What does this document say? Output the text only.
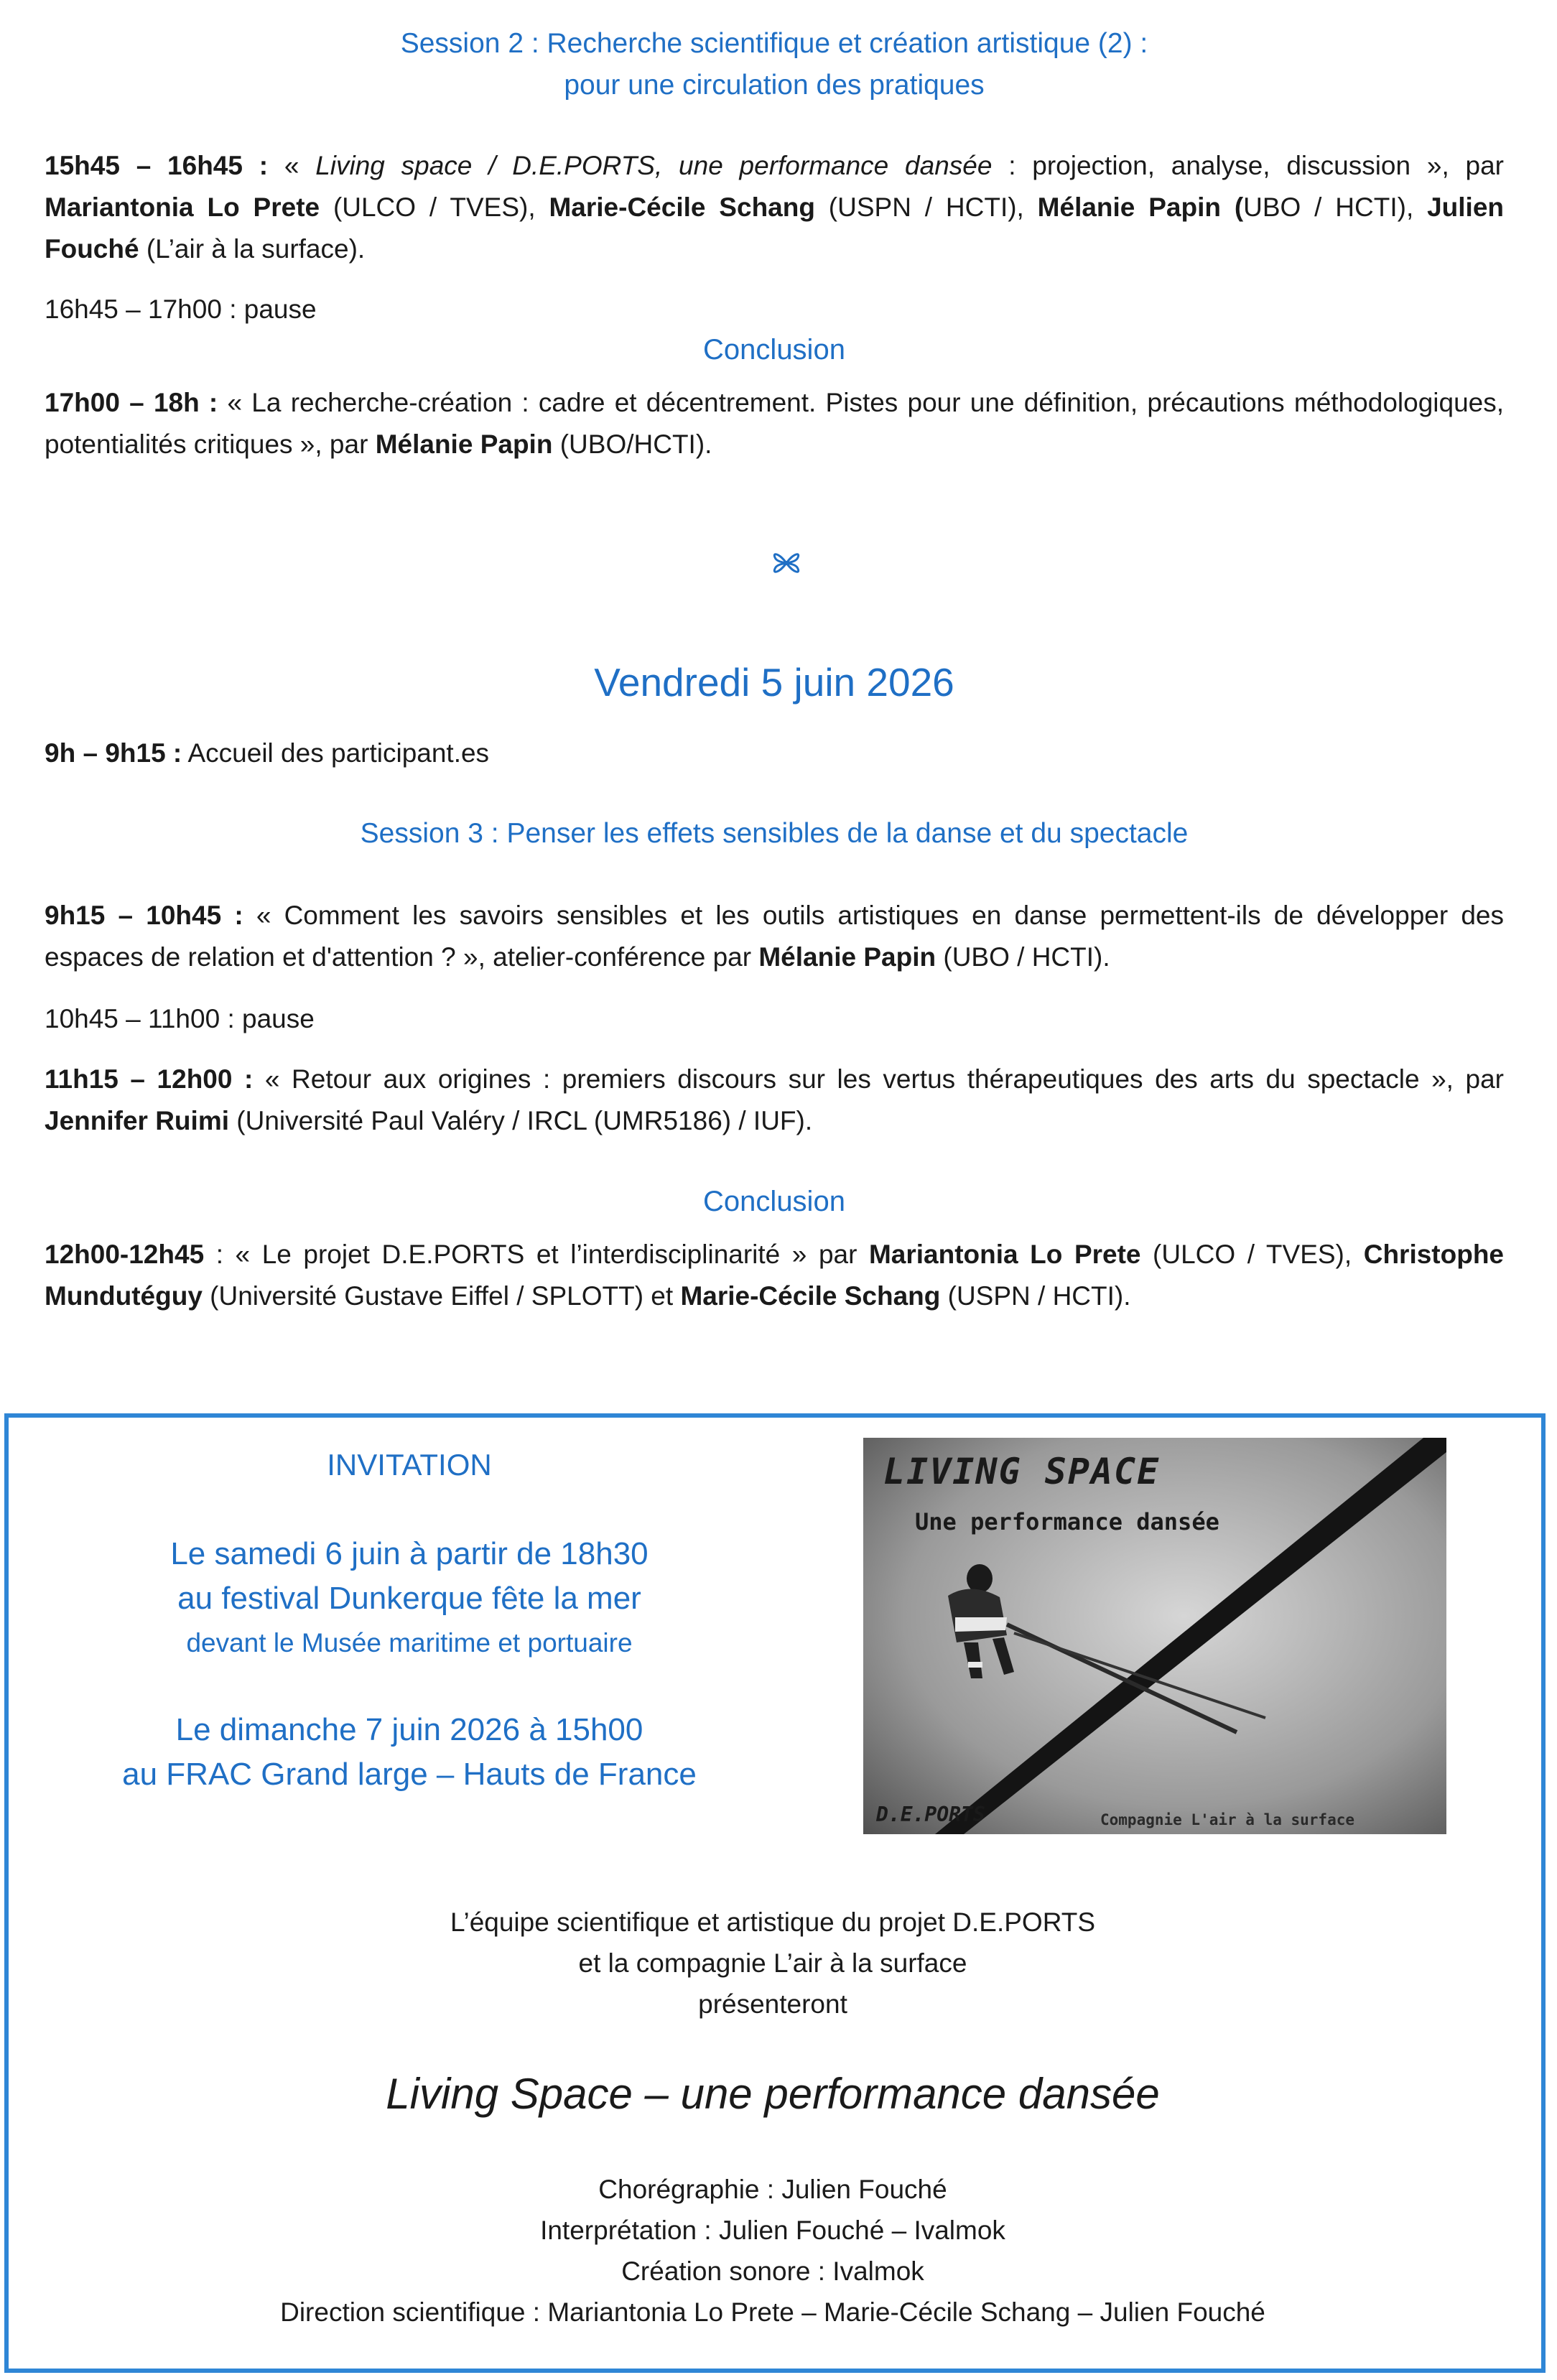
Session 2 : Recherche scientifique et création artistique (2) :

pour une circulation des pratiques

15h45 – 16h45 : « Living space / D.E.PORTS, une performance dansée : projection, analyse, discussion », par Mariantonia Lo Prete (ULCO / TVES), Marie-Cécile Schang (USPN / HCTI), Mélanie Papin (UBO / HCTI), Julien Fouché (L’air à la surface).

16h45 – 17h00 : pause

Conclusion

17h00 – 18h : « La recherche-création : cadre et décentrement. Pistes pour une définition, précautions méthodologiques, potentialités critiques », par Mélanie Papin (UBO/HCTI).

Vendredi 5 juin 2026

9h – 9h15 : Accueil des participant.es

Session 3 : Penser les effets sensibles de la danse et du spectacle

9h15 – 10h45 : « Comment les savoirs sensibles et les outils artistiques en danse permettent-ils de développer des espaces de relation et d'attention ? », atelier-conférence par Mélanie Papin (UBO / HCTI).

10h45 – 11h00 : pause

11h15 – 12h00 : « Retour aux origines : premiers discours sur les vertus thérapeutiques des arts du spectacle », par Jennifer Ruimi (Université Paul Valéry / IRCL (UMR5186) / IUF).

Conclusion

12h00-12h45 : « Le projet D.E.PORTS et l’interdisciplinarité » par Mariantonia Lo Prete (ULCO / TVES), Christophe Mundutéguy (Université Gustave Eiffel / SPLOTT) et Marie-Cécile Schang (USPN / HCTI).

INVITATION
Le samedi 6 juin à partir de 18h30
au festival Dunkerque fête la mer
devant le Musée maritime et portuaire
Le dimanche 7 juin 2026 à 15h00
au FRAC Grand large – Hauts de France
LIVING SPACE
Une performance dansée
D.E.PORTS	Compagnie L'air à la surface

L’équipe scientifique et artistique du projet D.E.PORTS

et la compagnie L’air à la surface

présenteront

Living Space – une performance dansée

Chorégraphie : Julien Fouché

Interprétation : Julien Fouché – Ivalmok

Création sonore : Ivalmok

Direction scientifique : Mariantonia Lo Prete – Marie-Cécile Schang – Julien Fouché
